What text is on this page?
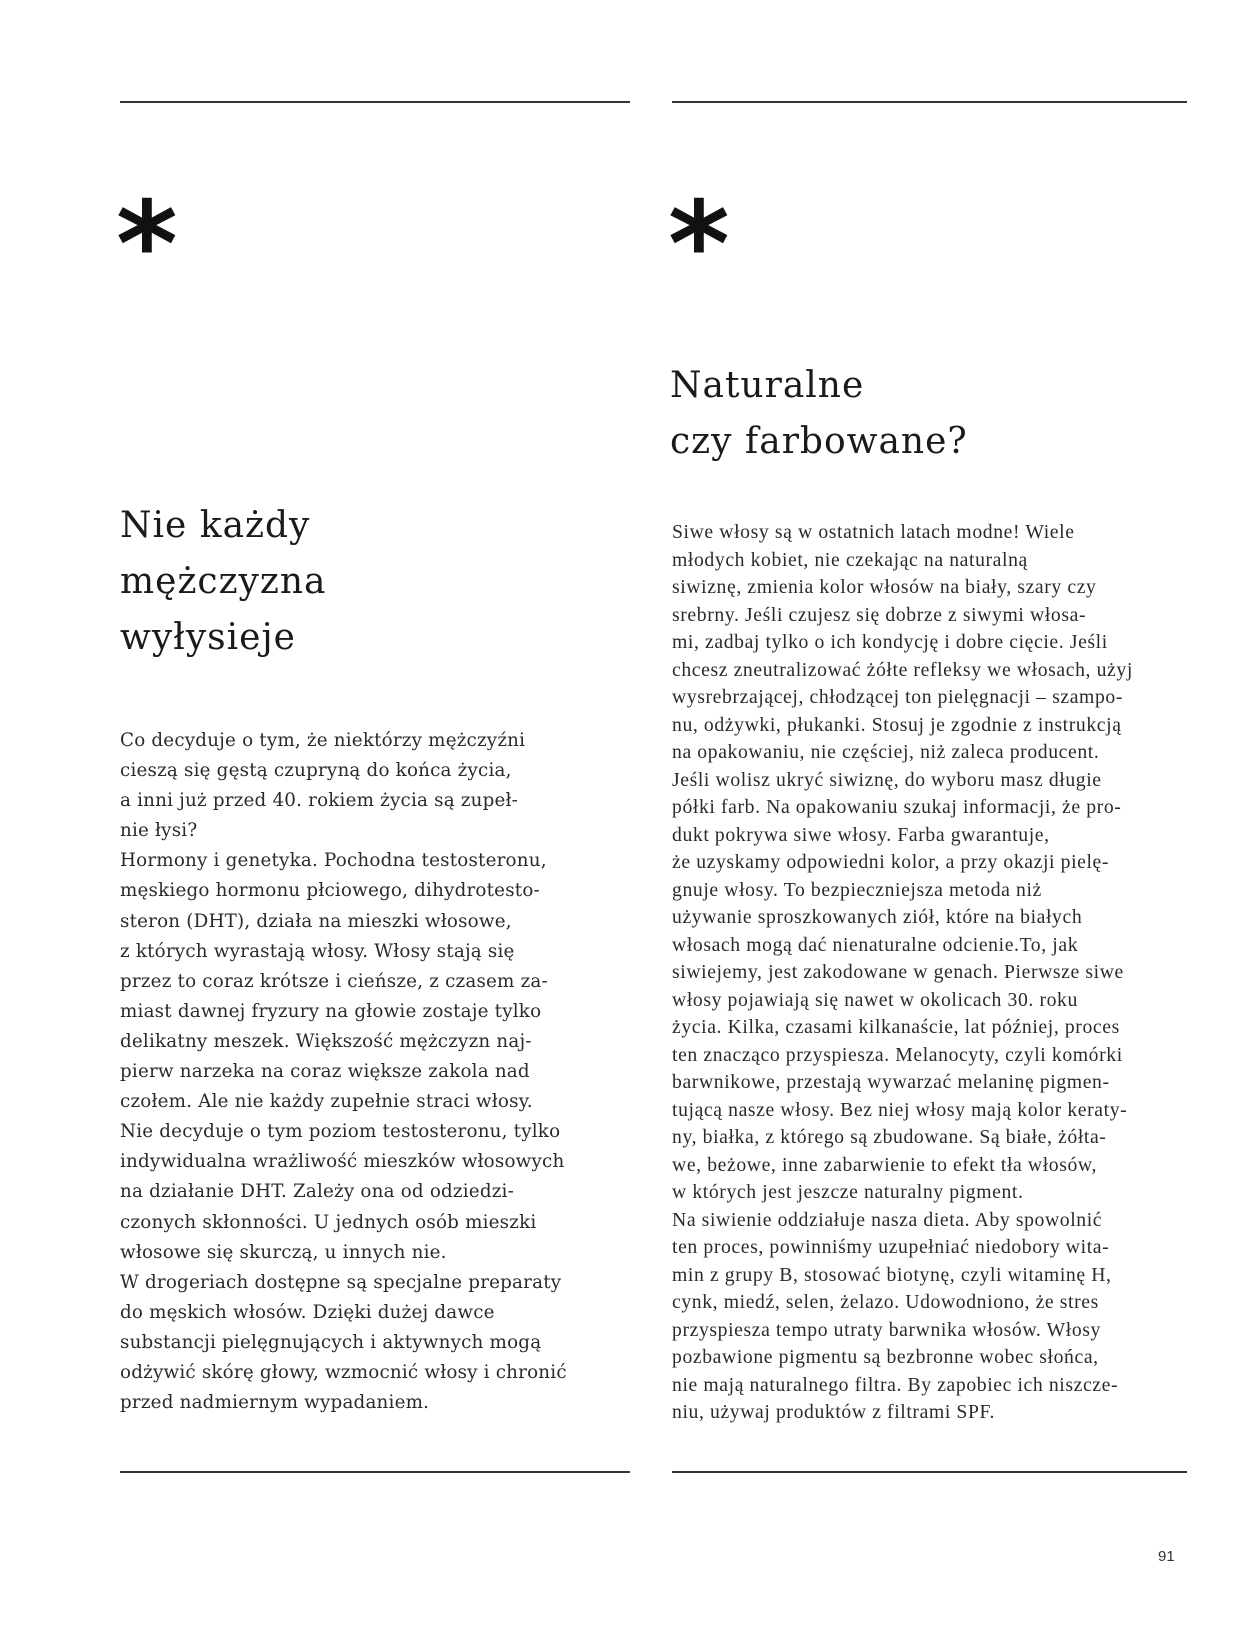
*
Nie każdy
mężczyzna
wyłysieje

Co decyduje o tym, że niektórzy mężczyźni
cieszą się gęstą czupryną do końca życia,
a inni już przed 40. rokiem życia są zupeł-
nie łysi?
Hormony i genetyka. Pochodna testosteronu,
męskiego hormonu płciowego, dihydrotesto-
steron (DHT), działa na mieszki włosowe,
z których wyrastają włosy. Włosy stają się
przez to coraz krótsze i cieńsze, z czasem za-
miast dawnej fryzury na głowie zostaje tylko
delikatny meszek. Większość mężczyzn naj-
pierw narzeka na coraz większe zakola nad
czołem. Ale nie każdy zupełnie straci włosy.
Nie decyduje o tym poziom testosteronu, tylko
indywidualna wrażliwość mieszków włosowych
na działanie DHT. Zależy ona od odziedzi-
czonych skłonności. U jednych osób mieszki
włosowe się skurczą, u innych nie.
W drogeriach dostępne są specjalne preparaty
do męskich włosów. Dzięki dużej dawce
substancji pielęgnujących i aktywnych mogą
odżywić skórę głowy, wzmocnić włosy i chronić
przed nadmiernym wypadaniem.

*
Naturalne
czy farbowane?

Siwe włosy są w ostatnich latach modne! Wiele
młodych kobiet, nie czekając na naturalną
siwiznę, zmienia kolor włosów na biały, szary czy
srebrny. Jeśli czujesz się dobrze z siwymi włosa-
mi, zadbaj tylko o ich kondycję i dobre cięcie. Jeśli
chcesz zneutralizować żółte refleksy we włosach, użyj
wysrebrzającej, chłodzącej ton pielęgnacji – szampo-
nu, odżywki, płukanki. Stosuj je zgodnie z instrukcją
na opakowaniu, nie częściej, niż zaleca producent.
Jeśli wolisz ukryć siwiznę, do wyboru masz długie
półki farb. Na opakowaniu szukaj informacji, że pro-
dukt pokrywa siwe włosy. Farba gwarantuje,
że uzyskamy odpowiedni kolor, a przy okazji pielę-
gnuje włosy. To bezpieczniejsza metoda niż
używanie sproszkowanych ziół, które na białych
włosach mogą dać nienaturalne odcienie.To, jak
siwiejemy, jest zakodowane w genach. Pierwsze siwe
włosy pojawiają się nawet w okolicach 30. roku
życia. Kilka, czasami kilkanaście, lat później, proces
ten znacząco przyspiesza. Melanocyty, czyli komórki
barwnikowe, przestają wywarzać melaninę pigmen-
tującą nasze włosy. Bez niej włosy mają kolor keraty-
ny, białka, z którego są zbudowane. Są białe, żółta-
we, beżowe, inne zabarwienie to efekt tła włosów,
w których jest jeszcze naturalny pigment.
Na siwienie oddziałuje nasza dieta. Aby spowolnić
ten proces, powinniśmy uzupełniać niedobory wita-
min z grupy B, stosować biotynę, czyli witaminę H,
cynk, miedź, selen, żelazo. Udowodniono, że stres
przyspiesza tempo utraty barwnika włosów. Włosy
pozbawione pigmentu są bezbronne wobec słońca,
nie mają naturalnego filtra. By zapobiec ich niszcze-
niu, używaj produktów z filtrami SPF.

91
